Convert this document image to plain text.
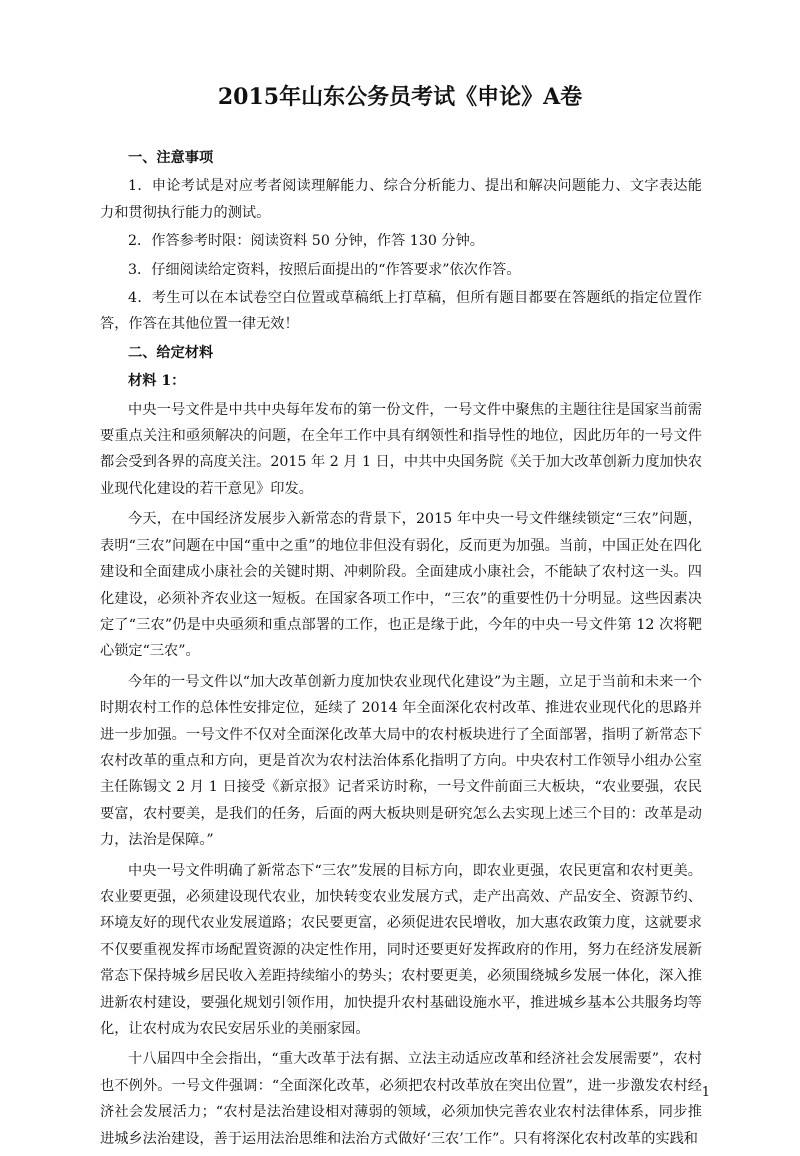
2015年山东公务员考试《申论》A卷
一、注意事项
1．申论考试是对应考者阅读理解能力、综合分析能力、提出和解决问题能力、文字表达能力和贯彻执行能力的测试。
2．作答参考时限：阅读资料 50 分钟，作答 130 分钟。
3．仔细阅读给定资料，按照后面提出的“作答要求”依次作答。
4．考生可以在本试卷空白位置或草稿纸上打草稿，但所有题目都要在答题纸的指定位置作答，作答在其他位置一律无效！
二、给定材料
材料 1：
中央一号文件是中共中央每年发布的第一份文件，一号文件中聚焦的主题往往是国家当前需要重点关注和亟须解决的问题，在全年工作中具有纲领性和指导性的地位，因此历年的一号文件都会受到各界的高度关注。2015 年 2 月 1 日，中共中央国务院《关于加大改革创新力度加快农业现代化建设的若干意见》印发。
今天，在中国经济发展步入新常态的背景下，2015 年中央一号文件继续锁定“三农”问题，表明“三农”问题在中国“重中之重”的地位非但没有弱化，反而更为加强。当前，中国正处在四化建设和全面建成小康社会的关键时期、冲刺阶段。全面建成小康社会，不能缺了农村这一头。四化建设，必须补齐农业这一短板。在国家各项工作中，“三农”的重要性仍十分明显。这些因素决定了“三农”仍是中央亟须和重点部署的工作，也正是缘于此，今年的中央一号文件第 12 次将靶心锁定“三农”。
今年的一号文件以“加大改革创新力度加快农业现代化建设”为主题，立足于当前和未来一个时期农村工作的总体性安排定位，延续了 2014 年全面深化农村改革、推进农业现代化的思路并进一步加强。一号文件不仅对全面深化改革大局中的农村板块进行了全面部署，指明了新常态下农村改革的重点和方向，更是首次为农村法治体系化指明了方向。中央农村工作领导小组办公室主任陈锡文 2 月 1 日接受《新京报》记者采访时称，一号文件前面三大板块，“农业要强，农民要富，农村要美，是我们的任务，后面的两大板块则是研究怎么去实现上述三个目的：改革是动力，法治是保障。”
中央一号文件明确了新常态下“三农”发展的目标方向，即农业更强，农民更富和农村更美。农业要更强，必须建设现代农业，加快转变农业发展方式，走产出高效、产品安全、资源节约、环境友好的现代农业发展道路；农民要更富，必须促进农民增收，加大惠农政策力度，这就要求不仅要重视发挥市场配置资源的决定性作用，同时还要更好发挥政府的作用，努力在经济发展新常态下保持城乡居民收入差距持续缩小的势头；农村要更美，必须围绕城乡发展一体化，深入推进新农村建设，要强化规划引领作用，加快提升农村基础设施水平，推进城乡基本公共服务均等化，让农村成为农民安居乐业的美丽家园。
十八届四中全会指出，“重大改革于法有据、立法主动适应改革和经济社会发展需要”，农村也不例外。一号文件强调：“全面深化改革，必须把农村改革放在突出位置”，进一步激发农村经济社会发展活力；“农村是法治建设相对薄弱的领域，必须加快完善农业农村法律体系，同步推进城乡法治建设，善于运用法治思维和法治方式做好‘三农’工作”。只有将深化农村改革的实践和
1
